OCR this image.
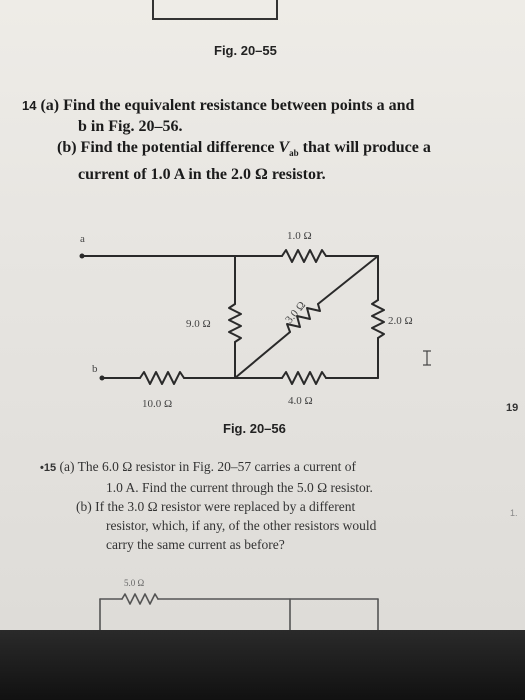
Fig. 20–55
14 (a) Find the equivalent resistance between points a and
b in Fig. 20–56.
(b) Find the potential difference $V_{ab}$ that will produce a
current of 1.0 A in the 2.0 Ω resistor.
a
b
1.0 Ω
9.0 Ω	3.0 Ω	2.0 Ω
10.0 Ω	4.0 Ω
Fig. 20–56
19
1.
•15 (a) The 6.0 Ω resistor in Fig. 20–57 carries a current of
1.0 A. Find the current through the 5.0 Ω resistor.
(b) If the 3.0 Ω resistor were replaced by a different
resistor, which, if any, of the other resistors would
carry the same current as before?
5.0 Ω
